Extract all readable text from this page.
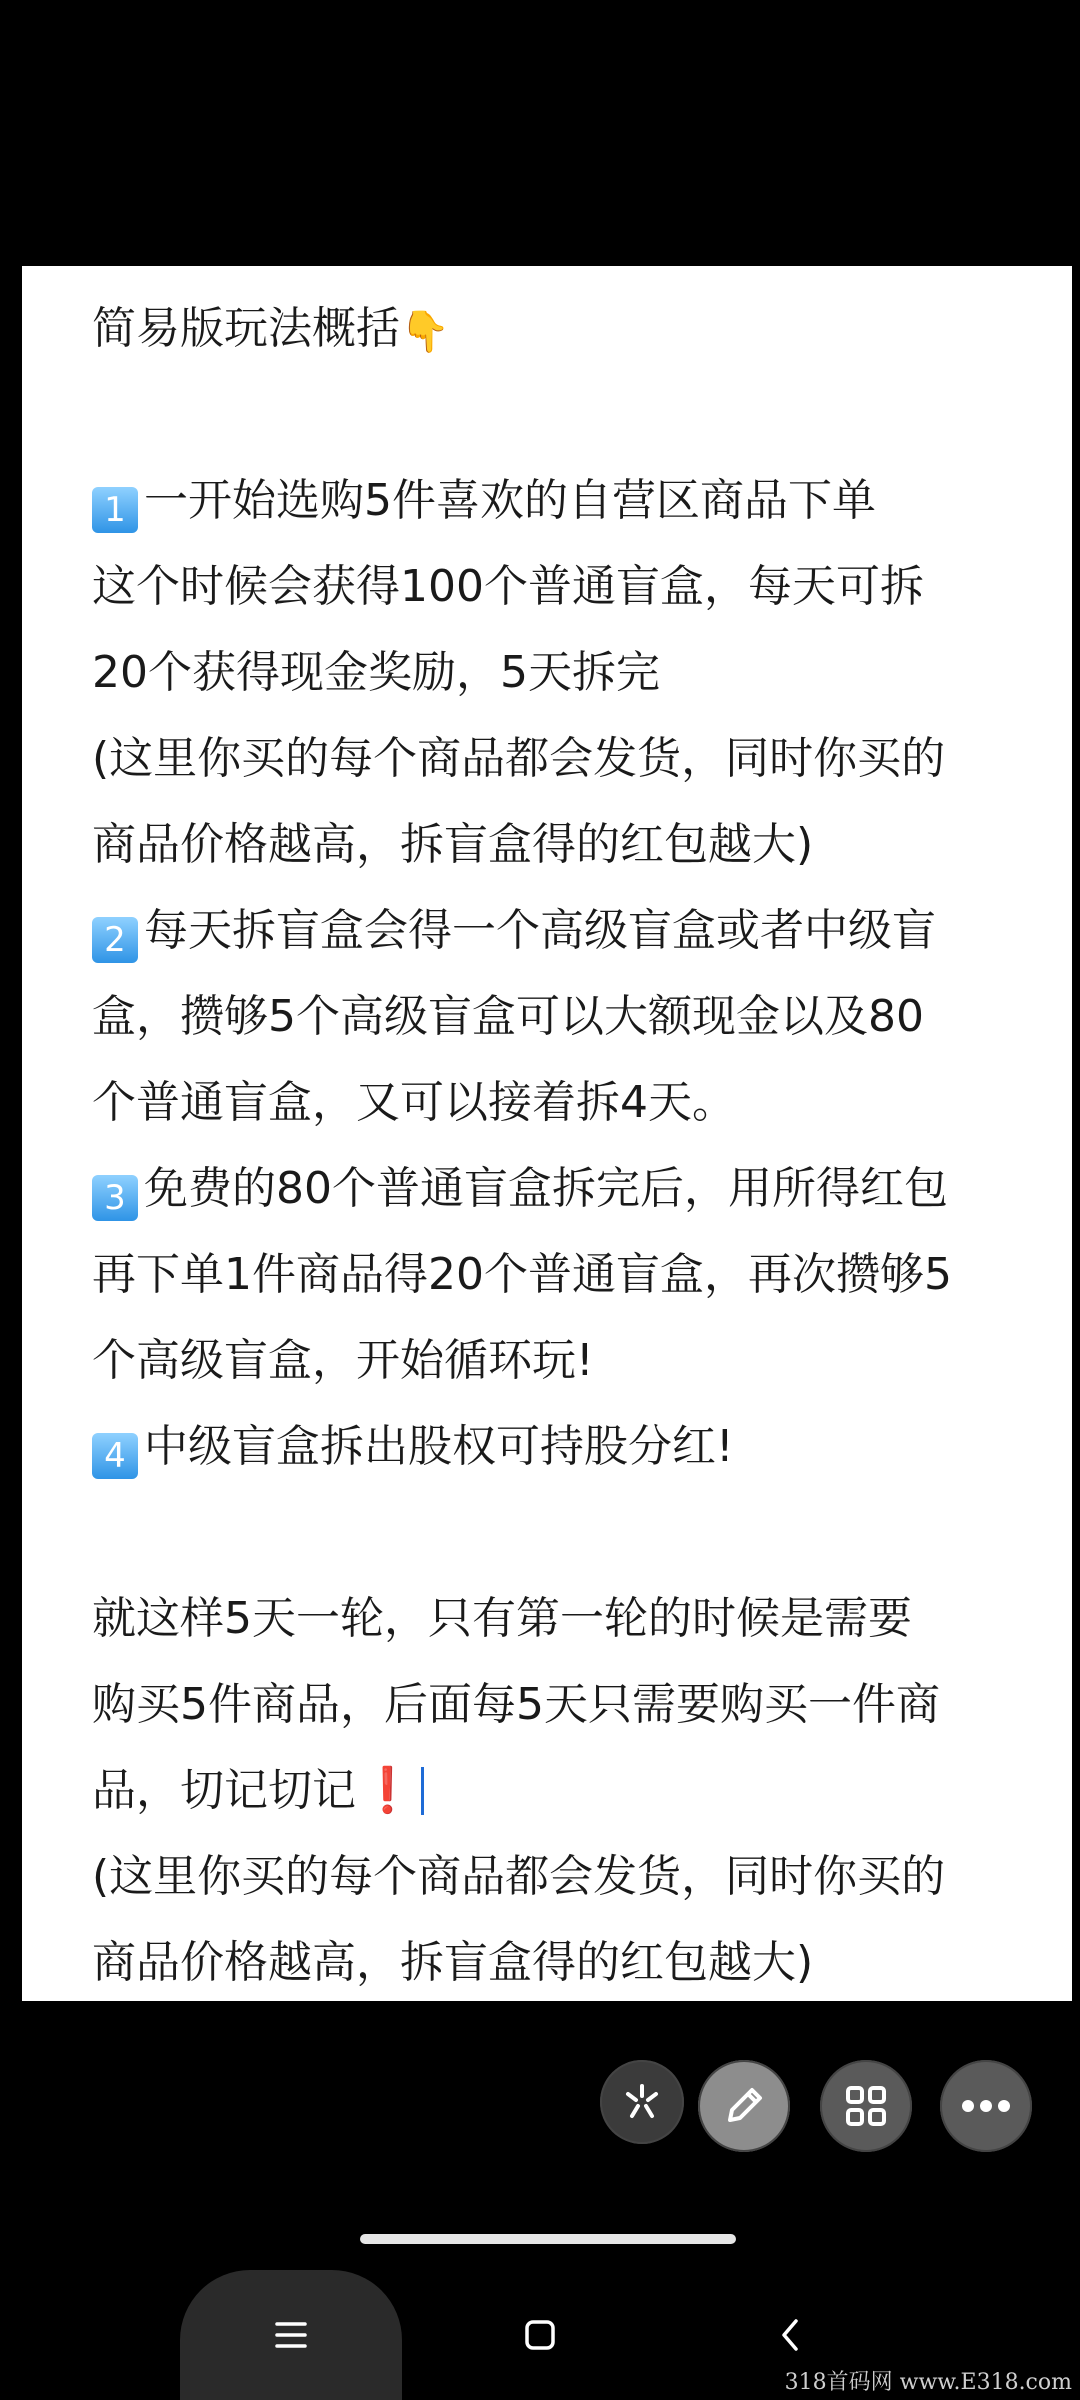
简易版玩法概括👇
1 一开始选购5件喜欢的自营区商品下单
这个时候会获得100个普通盲盒，每天可拆
20个获得现金奖励，5天拆完
(这里你买的每个商品都会发货，同时你买的
商品价格越高，拆盲盒得的红包越大)
2 每天拆盲盒会得一个高级盲盒或者中级盲
盒，攒够5个高级盲盒可以大额现金以及80
个普通盲盒，又可以接着拆4天。
3 免费的80个普通盲盒拆完后，用所得红包
再下单1件商品得20个普通盲盒，再次攒够5
个高级盲盒，开始循环玩!
4 中级盲盒拆出股权可持股分红!
就这样5天一轮，只有第一轮的时候是需要
购买5件商品，后面每5天只需要购买一件商
品，切记切记❗
(这里你买的每个商品都会发货，同时你买的
商品价格越高，拆盲盒得的红包越大)
318首码网 www.E318.com
